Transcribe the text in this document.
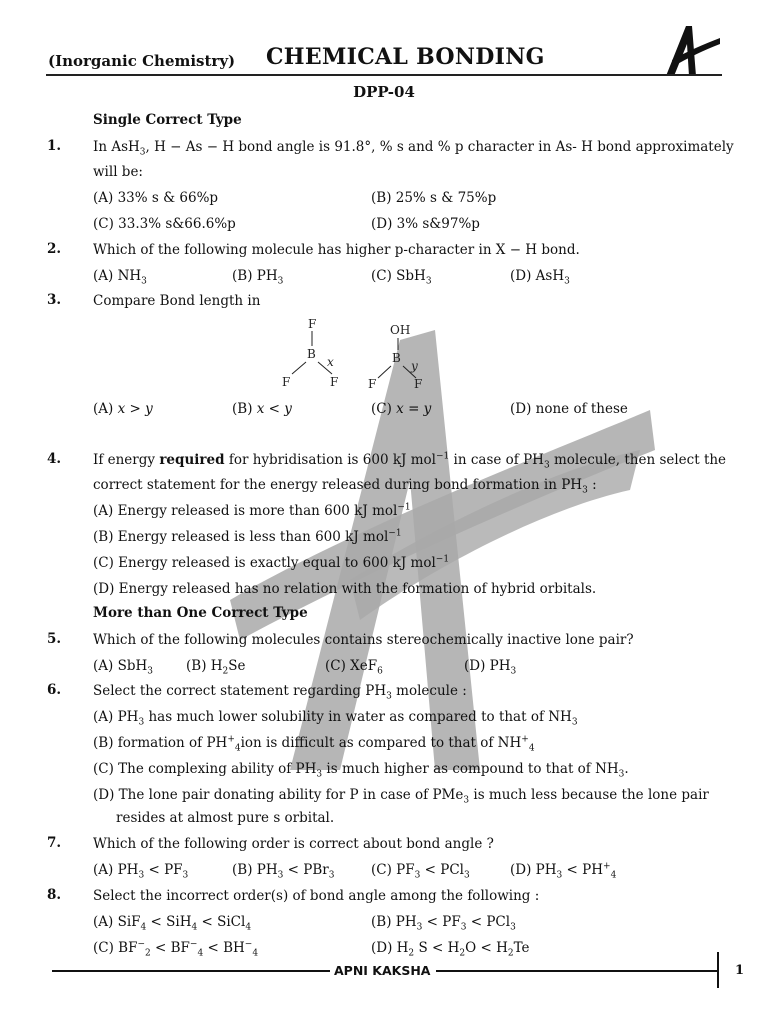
(Inorganic Chemistry) CHEMICAL BONDING
DPP-04
Single Correct Type
1. In AsH$_3$, H − As − H bond angle is 91.8°, % s and % p character in As- H bond approximately
will be:
(A) 33% s & 66%p	(B) 25% s & 75%p
(C) 33.3% s&66.6%p	(D) 3% s&97%p
2. Which of the following molecule has higher p-character in X − H bond.
(A) $NH_3$	(B) $PH_3$	(C) SbH$_3$	(D) AsH$_3$
3. Compare Bond length in
F
B
F	F
x
OH
B
F	F
y
(A) x > y	(B) x < y	(C) x = y	(D) none of these
4. If energy required for hybridisation is 600 kJ mol$^{-1}$ in case of $PH_3$ molecule, then select the
correct statement for the energy released during bond formation in $PH_3$ :
(A) Energy released is more than 600 kJ mol$^{-1}$
(B) Energy released is less than 600 kJ mol$^{-1}$
(C) Energy released is exactly equal to 600 kJ mol$^{-1}$
(D) Energy released has no relation with the formation of hybrid orbitals.
More than One Correct Type
5. Which of the following molecules contains stereochemically inactive lone pair?
(A) SbH$_3$ (B) $H_2Se$	(C) XeF$_6$	(D) $PH_3$
6. Select the correct statement regarding $PH_3$ molecule :
(A) $PH_3$ has much lower solubility in water as compared to that of $NH_3$
(B) formation of $PH^+_4ion$ is difficult as compared to that of $NH^+_4$
(C) The complexing ability of $PH_3$ is much higher as compound to that of $NH_3$.
(D) The lone pair donating ability for P in case of PMe$_3$ is much less because the lone pair
resides at almost pure s orbital.
7. Which of the following order is correct about bond angle ?
(A) $PH_3 < PF_3$	(B) $PH_3 < PBr_3$	(C) $PF_3 < PCl_3$	(D) $PH_3 < PH^+_4$
8. Select the incorrect order(s) of bond angle among the following :
(A) SiF$_4$ < SiH$_4$ < SiCl$_4$	(B) $PH_3 < PF_3 < PCl_3$
(C) $BF^-_2 < BF^-_4 < BH^-_4$	(D) $H_2$ $S < H_2O < H_2Te$
APNI KAKSHA	1
